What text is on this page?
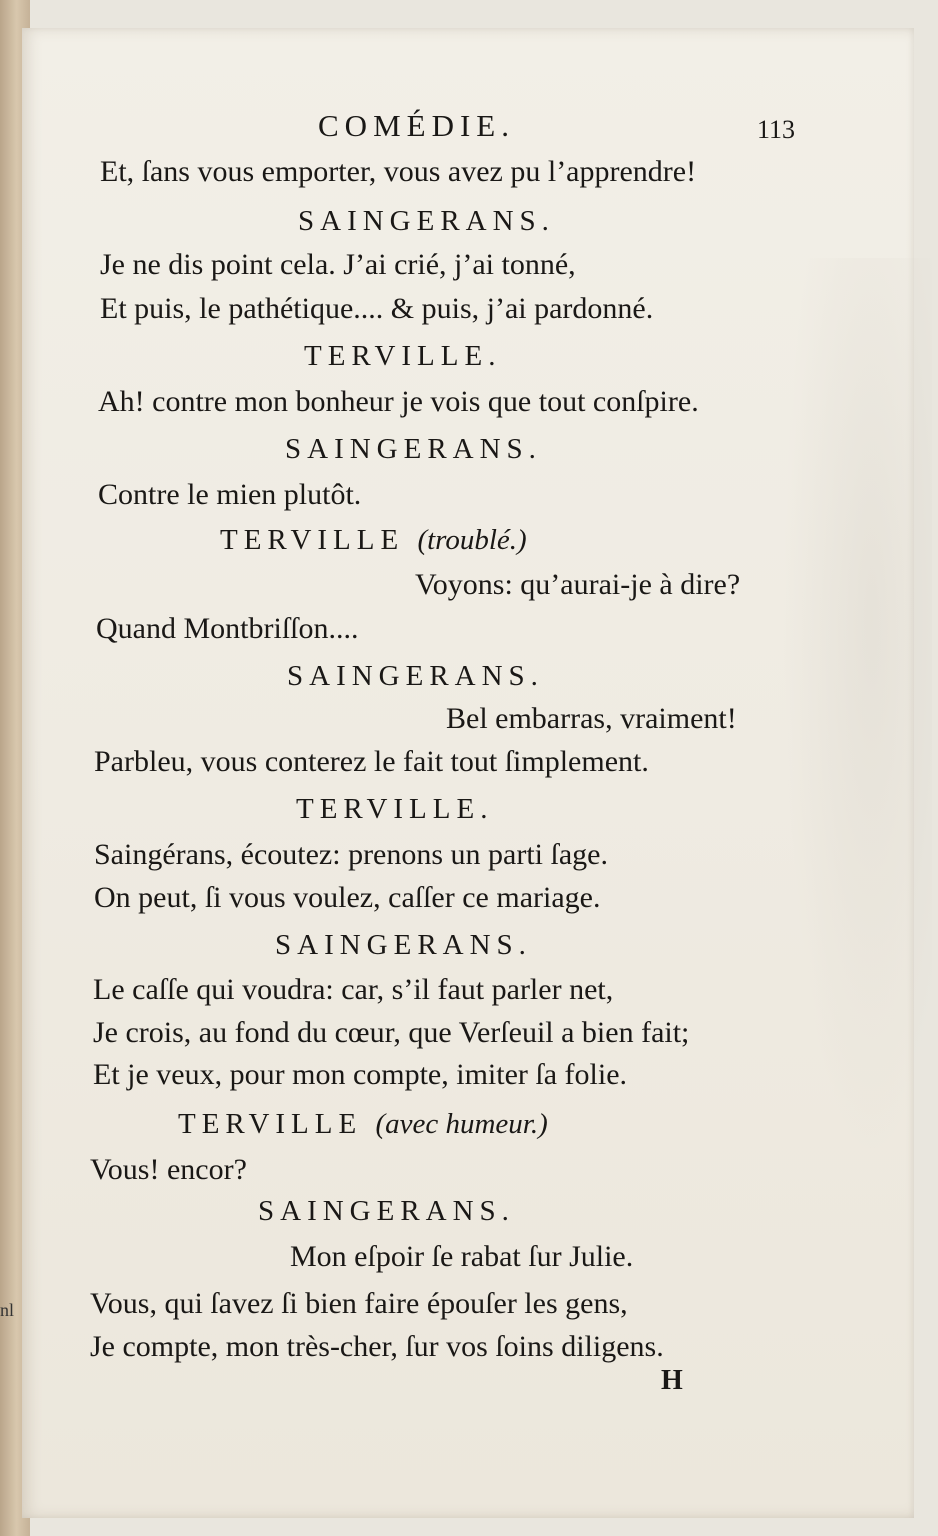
nl
COMÉDIE.	113
Et, ſans vous emporter, vous avez pu l’apprendre!
SAINGERANS.
Je ne dis point cela. J’ai crié, j’ai tonné,
Et puis, le pathétique.... & puis, j’ai pardonné.
TERVILLE.
Ah! contre mon bonheur je vois que tout conſpire.
SAINGERANS.
Contre le mien plutôt.
TERVILLE (troublé.)
Voyons: qu’aurai-je à dire?
Quand Montbriſſon....
SAINGERANS.
Bel embarras, vraiment!
Parbleu, vous conterez le fait tout ſimplement.
TERVILLE.
Saingérans, écoutez: prenons un parti ſage.
On peut, ſi vous voulez, caſſer ce mariage.
SAINGERANS.
Le caſſe qui voudra: car, s’il faut parler net,
Je crois, au fond du cœur, que Verſeuil a bien fait;
Et je veux, pour mon compte, imiter ſa folie.
TERVILLE (avec humeur.)
Vous! encor?
SAINGERANS.
Mon eſpoir ſe rabat ſur Julie.
Vous, qui ſavez ſi bien faire épouſer les gens,
Je compte, mon très-cher, ſur vos ſoins diligens.
H
